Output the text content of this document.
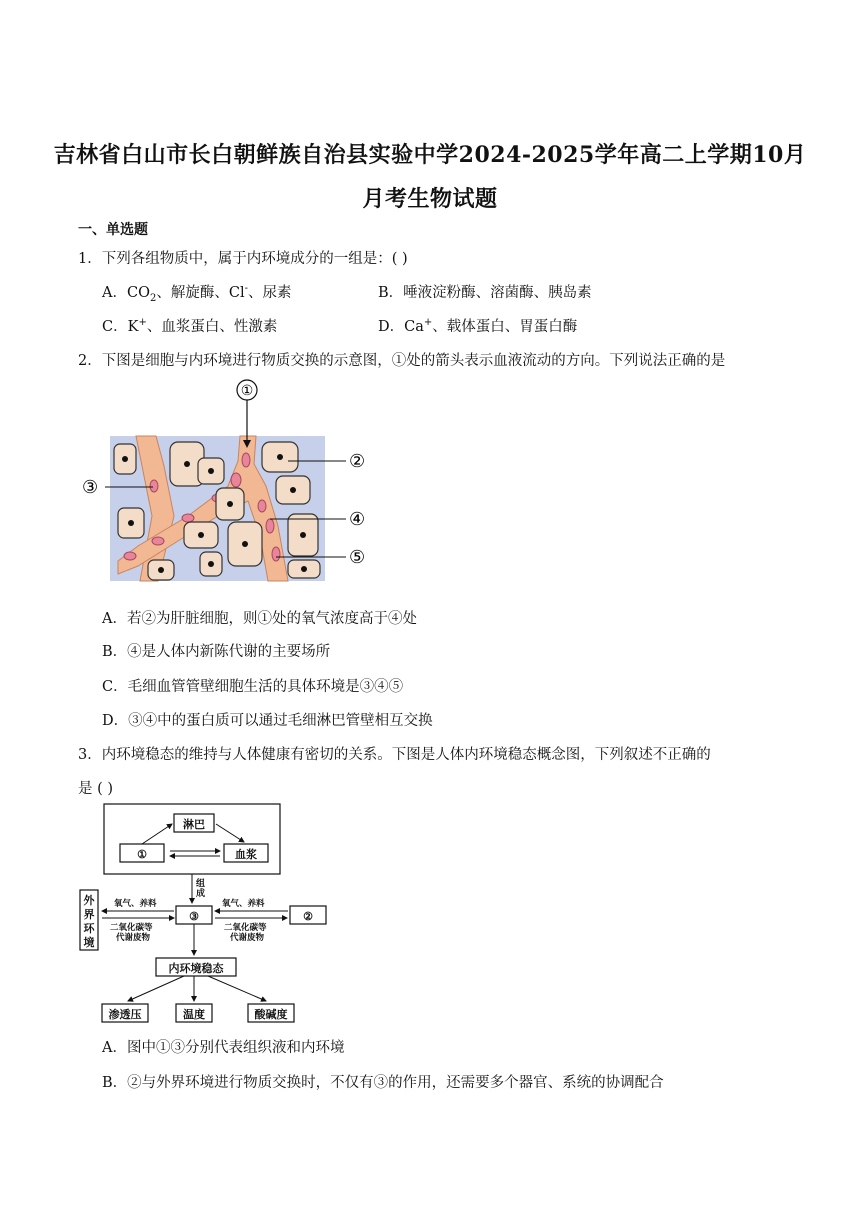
吉林省白山市长白朝鲜族自治县实验中学2024-2025学年高二上学期10月
月考生物试题
一、单选题
1．下列各组物质中，属于内环境成分的一组是：( )
A．$CO_2$、解旋酶、Cl-、尿素	B．唾液淀粉酶、溶菌酶、胰岛素
C．K+、血浆蛋白、性激素	D．Ca+、载体蛋白、胃蛋白酶
2．下图是细胞与内环境进行物质交换的示意图，①处的箭头表示血液流动的方向。下列说法正确的是
①
②
③
④
⑤
A．若②为肝脏细胞，则①处的氧气浓度高于④处
B．④是人体内新陈代谢的主要场所
C．毛细血管管壁细胞生活的具体环境是③④⑤
D．③④中的蛋白质可以通过毛细淋巴管壁相互交换
3．内环境稳态的维持与人体健康有密切的关系。下图是人体内环境稳态概念图，下列叙述不正确的
是 ( )
淋巴
①	血浆
组
成
外
界
环
境
③	②
内环境稳态
渗透压	温度	酸碱度
氧气、养料
二氧化碳等
代谢废物
氧气、养料
二氧化碳等
代谢废物
A．图中①③分别代表组织液和内环境
B．②与外界环境进行物质交换时，不仅有③的作用，还需要多个器官、系统的协调配合
